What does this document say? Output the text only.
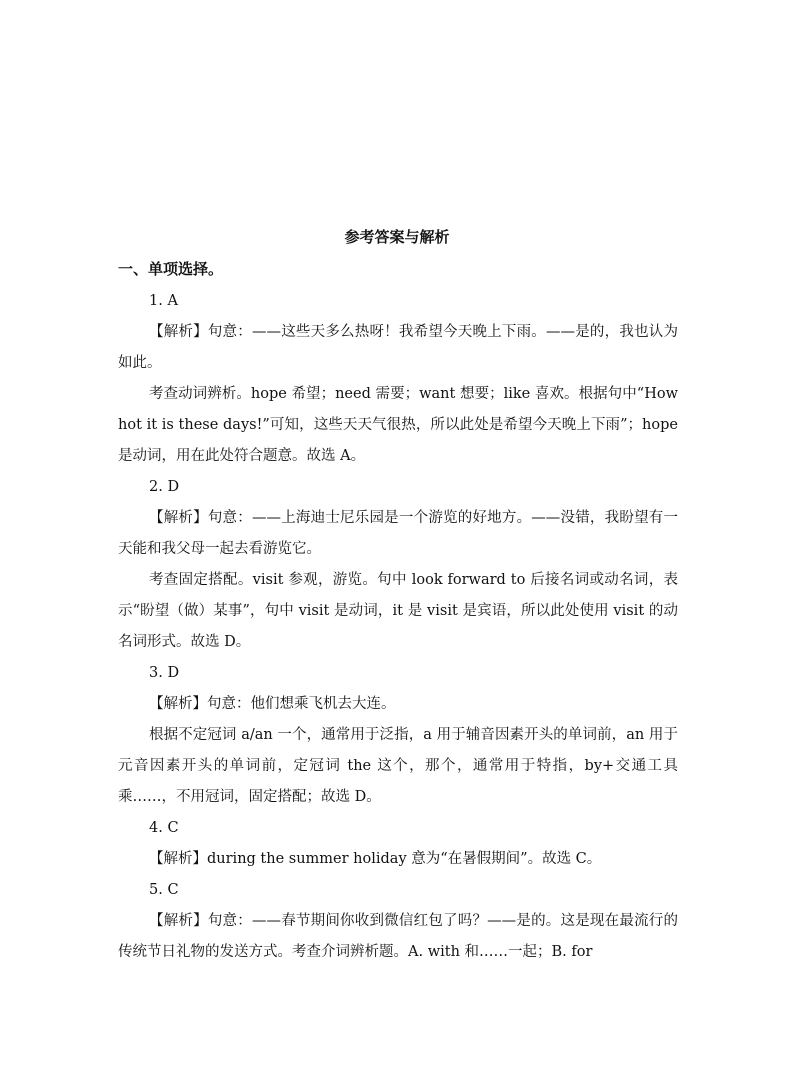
参考答案与解析
一、单项选择。

1. A

【解析】句意：——这些天多么热呀！我希望今天晚上下雨。——是的，我也认为如此。

考查动词辨析。hope 希望；need 需要；want 想要；like 喜欢。根据句中“How hot it is these days!”可知，这些天天气很热，所以此处是希望今天晚上下雨”；hope 是动词，用在此处符合题意。故选 A。

2. D

【解析】句意：——上海迪士尼乐园是一个游览的好地方。——没错，我盼望有一天能和我父母一起去看游览它。

考查固定搭配。visit 参观，游览。句中 look forward to 后接名词或动名词，表示“盼望（做）某事”，句中 visit 是动词，it 是 visit 是宾语，所以此处使用 visit 的动名词形式。故选 D。

3. D

【解析】句意：他们想乘飞机去大连。

根据不定冠词 a/an 一个，通常用于泛指，a 用于辅音因素开头的单词前，an 用于元音因素开头的单词前，定冠词 the 这个，那个，通常用于特指，by+交通工具 乘……，不用冠词，固定搭配；故选 D。

4. C

【解析】during the summer holiday 意为“在暑假期间”。故选 C。

5. C

【解析】句意：——春节期间你收到微信红包了吗？——是的。这是现在最流行的传统节日礼物的发送方式。考查介词辨析题。A. with 和……一起；B. for
